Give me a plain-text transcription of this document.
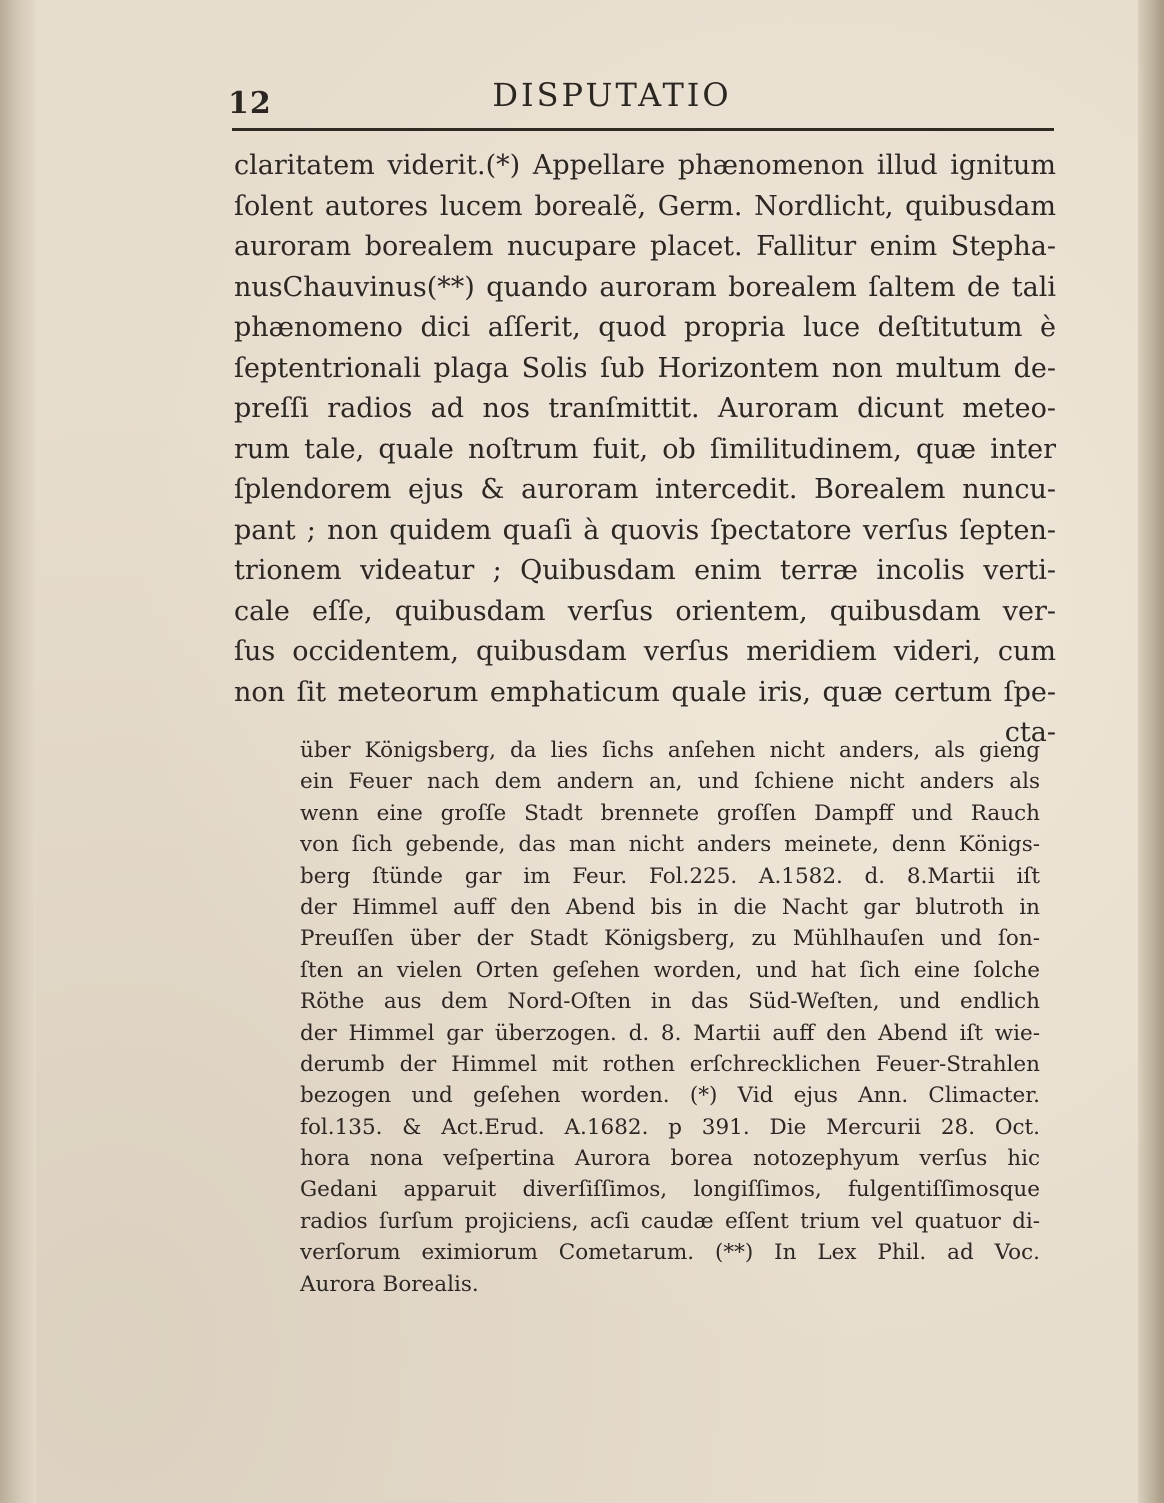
12	DISPUTATIO
claritatem viderit.(*) Appellare phænomenon illud ignitum
ſolent autores lucem borealẽ, Germ. Nordlicht, quibusdam
auroram borealem nucupare placet. Fallitur enim Stepha-
nusChauvinus(**) quando auroram borealem ſaltem de tali
phænomeno dici aſſerit, quod propria luce deſtitutum è
ſeptentrionali plaga Solis ſub Horizontem non multum de-
preſſi radios ad nos tranſmittit. Auroram dicunt meteo-
rum tale, quale noſtrum fuit, ob ſimilitudinem, quæ inter
ſplendorem ejus & auroram intercedit. Borealem nuncu-
pant ; non quidem quaſi à quovis ſpectatore verſus ſepten-
trionem videatur ; Quibusdam enim terræ incolis verti-
cale eſſe, quibusdam verſus orientem, quibusdam ver-
ſus occidentem, quibusdam verſus meridiem videri, cum
non ſit meteorum emphaticum quale iris, quæ certum ſpe-
cta-
über Königsberg, da lies ſichs anſehen nicht anders, als gieng
ein Feuer nach dem andern an, und ſchiene nicht anders als
wenn eine groſſe Stadt brennete groſſen Dampff und Rauch
von ſich gebende, das man nicht anders meinete, denn Königs-
berg ſtünde gar im Feur. Fol.225. A.1582. d. 8.Martii iſt
der Himmel auff den Abend bis in die Nacht gar blutroth in
Preuſſen über der Stadt Königsberg, zu Mühlhauſen und ſon-
ſten an vielen Orten geſehen worden, und hat ſich eine ſolche
Röthe aus dem Nord-Oſten in das Süd-Weſten, und endlich
der Himmel gar überzogen. d. 8. Martii auff den Abend iſt wie-
derumb der Himmel mit rothen erſchrecklichen Feuer-Strahlen
bezogen und geſehen worden. (*) Vid ejus Ann. Climacter.
fol.135. & Act.Erud. A.1682. p 391. Die Mercurii 28. Oct.
hora nona veſpertina Aurora borea notozephyum verſus hic
Gedani apparuit diverſiſſimos, longiſſimos, fulgentiſſimosque
radios ſurſum projiciens, acſi caudæ eſſent trium vel quatuor di-
verſorum eximiorum Cometarum. (**) In Lex Phil. ad Voc.
Aurora Borealis.
